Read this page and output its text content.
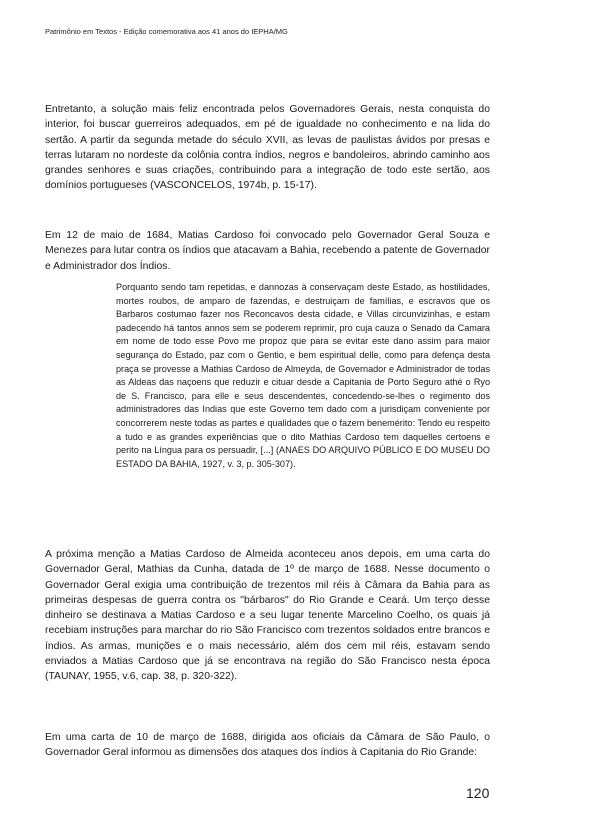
Patrimônio em Textos - Edição comemorativa aos 41 anos do IEPHA/MG

Entretanto, a solução mais feliz encontrada pelos Governadores Gerais, nesta conquista do interior, foi buscar guerreiros adequados, em pé de igualdade no conhecimento e na lida do sertão. A partir da segunda metade do século XVII, as levas de paulistas ávidos por presas e terras lutaram no nordeste da colônia contra índios, negros e bandoleiros, abrindo caminho aos grandes senhores e suas criações, contribuindo para a integração de todo este sertão, aos domínios portugueses (VASCONCELOS, 1974b, p. 15-17).

Em 12 de maio de 1684, Matias Cardoso foi convocado pelo Governador Geral Souza e Menezes para lutar contra os índios que atacavam a Bahia, recebendo a patente de Governador e Administrador dos Índios.

Porquanto sendo tam repetidas, e dannozas à conservaçam deste Estado, as hostilidades, mortes roubos, de amparo de fazendas, e destruiçam de famílias, e escravos que os Barbaros costumao fazer nos Reconcavos desta cidade, e Villas circunvizinhas, e estam padecendo há tantos annos sem se poderem reprimir, pro cuja cauza o Senado da Camara em nome de todo esse Povo me propoz que para se evitar este dano assim para maior segurança do Estado, paz com o Gentio, e bem espiritual delle, como para defença desta praça se provesse a Mathias Cardoso de Almeyda, de Governador e Administrador de todas as Aldeas das naçoens que reduzir e cituar desde a Capitania de Porto Seguro athé o Ryo de S. Francisco, para elle e seus descendentes, concedendo-se-lhes o regimento dos administradores das Indias que este Governo tem dado com a jurisdiçam conveniente por concorrerem neste todas as partes e qualidades que o fazem benemérito: Tendo eu respeito a tudo e as grandes experiências que o dito Mathias Cardoso tem daquelles certoens e perito na Língua para os persuadir, [...] (ANAES DO ARQUIVO PÚBLICO E DO MUSEU DO ESTADO DA BAHIA, 1927, v. 3, p. 305-307).

A próxima menção a Matias Cardoso de Almeida aconteceu anos depois, em uma carta do Governador Geral, Mathias da Cunha, datada de 1º de março de 1688. Nesse documento o Governador Geral exigia uma contribuição de trezentos mil réis à Câmara da Bahia para as primeiras despesas de guerra contra os "bárbaros" do Rio Grande e Ceará. Um terço desse dinheiro se destinava a Matias Cardoso e a seu lugar tenente Marcelino Coelho, os quais já recebiam instruções para marchar do rio São Francisco com trezentos soldados entre brancos e índios. As armas, munições e o mais necessário, além dos cem mil réis, estavam sendo enviados a Matias Cardoso que já se encontrava na região do São Francisco nesta época (TAUNAY, 1955, v.6, cap. 38, p. 320-322).

Em uma carta de 10 de março de 1688, dirigida aos oficiais da Câmara de São Paulo, o Governador Geral informou as dimensões dos ataques dos índios à Capitania do Rio Grande:

120
